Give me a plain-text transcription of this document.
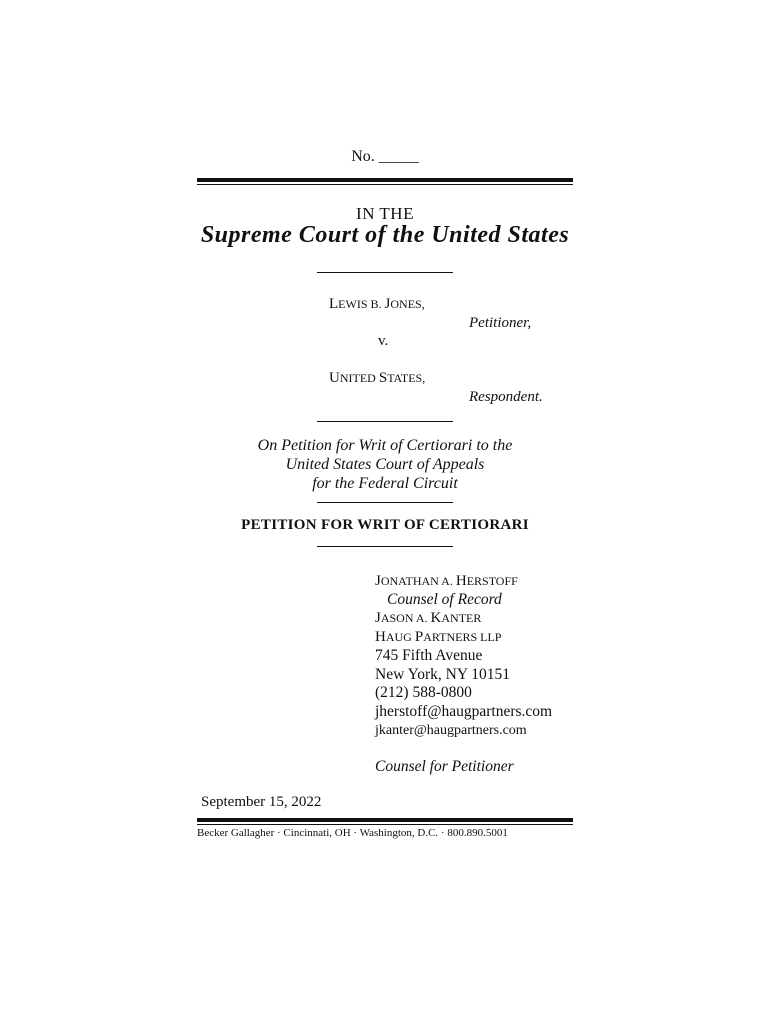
No. _____
IN THE
Supreme Court of the United States
LEWIS B. JONES,
Petitioner,
v.
UNITED STATES,
Respondent.
On Petition for Writ of Certiorari to the
United States Court of Appeals
for the Federal Circuit
PETITION FOR WRIT OF CERTIORARI
JONATHAN A. HERSTOFF
Counsel of Record
JASON A. KANTER
HAUG PARTNERS LLP
745 Fifth Avenue
New York, NY 10151
(212) 588-0800
jherstoff@haugpartners.com
jkanter@haugpartners.com
Counsel for Petitioner
September 15, 2022
Becker Gallagher · Cincinnati, OH · Washington, D.C. · 800.890.5001
